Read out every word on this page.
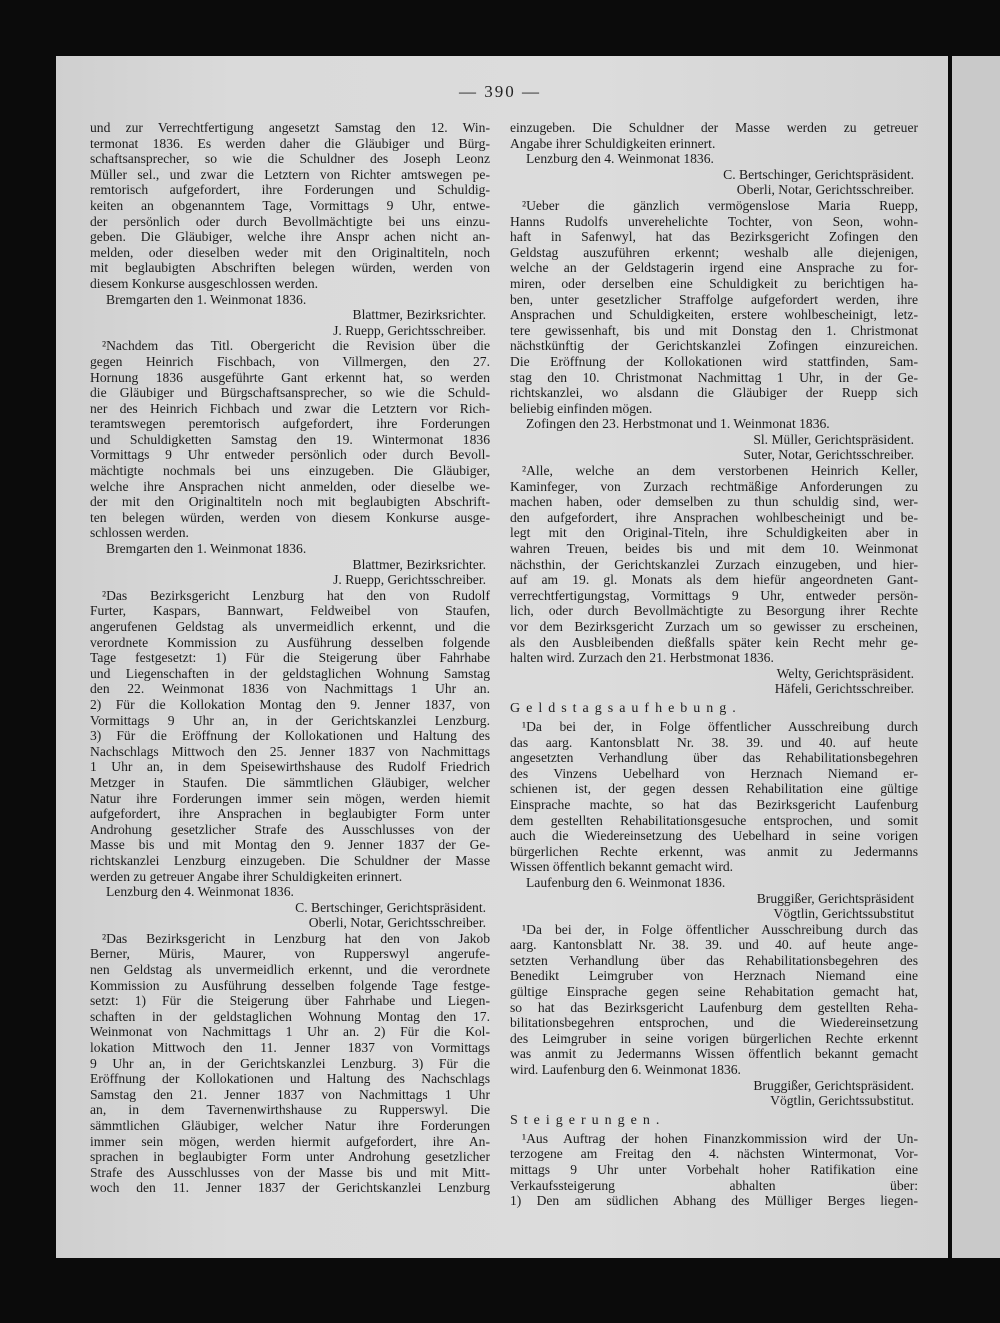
— 390 —
und zur Verrechtfertigung angesetzt Samstag den 12. Win-
termonat 1836. Es werden daher die Gläubiger und Bürg-
schaftsansprecher, so wie die Schuldner des Joseph Leonz
Müller sel., und zwar die Letztern von Richter amtswegen pe-
remtorisch aufgefordert, ihre Forderungen und Schuldig-
keiten an obgenanntem Tage, Vormittags 9 Uhr, entwe-
der persönlich oder durch Bevollmächtigte bei uns einzu-
geben. Die Gläubiger, welche ihre Anspr achen nicht an-
melden, oder dieselben weder mit den Originaltiteln, noch
mit beglaubigten Abschriften belegen würden, werden von
diesem Konkurse ausgeschlossen werden.
Bremgarten den 1. Weinmonat 1836.
Blattmer, Bezirksrichter.
J. Ruepp, Gerichtsschreiber.
²Nachdem das Titl. Obergericht die Revision über die
gegen Heinrich Fischbach, von Villmergen, den 27.
Hornung 1836 ausgeführte Gant erkennt hat, so werden
die Gläubiger und Bürgschaftsansprecher, so wie die Schuld-
ner des Heinrich Fichbach und zwar die Letztern vor Rich-
teramtswegen peremtorisch aufgefordert, ihre Forderungen
und Schuldigketten Samstag den 19. Wintermonat 1836
Vormittags 9 Uhr entweder persönlich oder durch Bevoll-
mächtigte nochmals bei uns einzugeben. Die Gläubiger,
welche ihre Ansprachen nicht anmelden, oder dieselbe we-
der mit den Originaltiteln noch mit beglaubigten Abschrift-
ten belegen würden, werden von diesem Konkurse ausge-
schlossen werden.
Bremgarten den 1. Weinmonat 1836.
Blattmer, Bezirksrichter.
J. Ruepp, Gerichtsschreiber.
²Das Bezirksgericht Lenzburg hat den von Rudolf
Furter, Kaspars, Bannwart, Feldweibel von Staufen,
angerufenen Geldstag als unvermeidlich erkennt, und die
verordnete Kommission zu Ausführung desselben folgende
Tage festgesetzt: 1) Für die Steigerung über Fahrhabe
und Liegenschaften in der geldstaglichen Wohnung Samstag
den 22. Weinmonat 1836 von Nachmittags 1 Uhr an.
2) Für die Kollokation Montag den 9. Jenner 1837, von
Vormittags 9 Uhr an, in der Gerichtskanzlei Lenzburg.
3) Für die Eröffnung der Kollokationen und Haltung des
Nachschlags Mittwoch den 25. Jenner 1837 von Nachmittags
1 Uhr an, in dem Speisewirthshause des Rudolf Friedrich
Metzger in Staufen. Die sämmtlichen Gläubiger, welcher
Natur ihre Forderungen immer sein mögen, werden hiemit
aufgefordert, ihre Ansprachen in beglaubigter Form unter
Androhung gesetzlicher Strafe des Ausschlusses von der
Masse bis und mit Montag den 9. Jenner 1837 der Ge-
richtskanzlei Lenzburg einzugeben. Die Schuldner der Masse
werden zu getreuer Angabe ihrer Schuldigkeiten erinnert.
Lenzburg den 4. Weinmonat 1836.
C. Bertschinger, Gerichtspräsident.
Oberli, Notar, Gerichtsschreiber.
²Das Bezirksgericht in Lenzburg hat den von Jakob
Berner, Müris, Maurer, von Rupperswyl angerufe-
nen Geldstag als unvermeidlich erkennt, und die verordnete
Kommission zu Ausführung desselben folgende Tage festge-
setzt: 1) Für die Steigerung über Fahrhabe und Liegen-
schaften in der geldstaglichen Wohnung Montag den 17.
Weinmonat von Nachmittags 1 Uhr an. 2) Für die Kol-
lokation Mittwoch den 11. Jenner 1837 von Vormittags
9 Uhr an, in der Gerichtskanzlei Lenzburg. 3) Für die
Eröffnung der Kollokationen und Haltung des Nachschlags
Samstag den 21. Jenner 1837 von Nachmittags 1 Uhr
an, in dem Tavernenwirthshause zu Rupperswyl. Die
sämmtlichen Gläubiger, welcher Natur ihre Forderungen
immer sein mögen, werden hiermit aufgefordert, ihre An-
sprachen in beglaubigter Form unter Androhung gesetzlicher
Strafe des Ausschlusses von der Masse bis und mit Mitt-
woch den 11. Jenner 1837 der Gerichtskanzlei Lenzburg
einzugeben. Die Schuldner der Masse werden zu getreuer
Angabe ihrer Schuldigkeiten erinnert.
Lenzburg den 4. Weinmonat 1836.
C. Bertschinger, Gerichtspräsident.
Oberli, Notar, Gerichtsschreiber.
²Ueber die gänzlich vermögenslose Maria Ruepp,
Hanns Rudolfs unverehelichte Tochter, von Seon, wohn-
haft in Safenwyl, hat das Bezirksgericht Zofingen den
Geldstag auszuführen erkennt; weshalb alle diejenigen,
welche an der Geldstagerin irgend eine Ansprache zu for-
miren, oder derselben eine Schuldigkeit zu berichtigen ha-
ben, unter gesetzlicher Straffolge aufgefordert werden, ihre
Ansprachen und Schuldigkeiten, erstere wohlbescheinigt, letz-
tere gewissenhaft, bis und mit Donstag den 1. Christmonat
nächstkünftig der Gerichtskanzlei Zofingen einzureichen.
Die Eröffnung der Kollokationen wird stattfinden, Sam-
stag den 10. Christmonat Nachmittag 1 Uhr, in der Ge-
richtskanzlei, wo alsdann die Gläubiger der Ruepp sich
beliebig einfinden mögen.
Zofingen den 23. Herbstmonat und 1. Weinmonat 1836.
Sl. Müller, Gerichtspräsident.
Suter, Notar, Gerichtsschreiber.
²Alle, welche an dem verstorbenen Heinrich Keller,
Kaminfeger, von Zurzach rechtmäßige Anforderungen zu
machen haben, oder demselben zu thun schuldig sind, wer-
den aufgefordert, ihre Ansprachen wohlbescheinigt und be-
legt mit den Original-Titeln, ihre Schuldigkeiten aber in
wahren Treuen, beides bis und mit dem 10. Weinmonat
nächsthin, der Gerichtskanzlei Zurzach einzugeben, und hier-
auf am 19. gl. Monats als dem hiefür angeordneten Gant-
verrechtfertigungstag, Vormittags 9 Uhr, entweder persön-
lich, oder durch Bevollmächtigte zu Besorgung ihrer Rechte
vor dem Bezirksgericht Zurzach um so gewisser zu erscheinen,
als den Ausbleibenden dießfalls später kein Recht mehr ge-
halten wird. Zurzach den 21. Herbstmonat 1836.
Welty, Gerichtspräsident.
Häfeli, Gerichtsschreiber.
Geldstagsaufhebung.
¹Da bei der, in Folge öffentlicher Ausschreibung durch
das aarg. Kantonsblatt Nr. 38. 39. und 40. auf heute
angesetzten Verhandlung über das Rehabilitationsbegehren
des Vinzens Uebelhard von Herznach Niemand er-
schienen ist, der gegen dessen Rehabilitation eine gültige
Einsprache machte, so hat das Bezirksgericht Laufenburg
dem gestellten Rehabilitationsgesuche entsprochen, und somit
auch die Wiedereinsetzung des Uebelhard in seine vorigen
bürgerlichen Rechte erkennt, was anmit zu Jedermanns
Wissen öffentlich bekannt gemacht wird.
Laufenburg den 6. Weinmonat 1836.
Bruggißer, Gerichtspräsident
Vögtlin, Gerichtssubstitut
¹Da bei der, in Folge öffentlicher Ausschreibung durch das
aarg. Kantonsblatt Nr. 38. 39. und 40. auf heute ange-
setzten Verhandlung über das Rehabilitationsbegehren des
Benedikt Leimgruber von Herznach Niemand eine
gültige Einsprache gegen seine Rehabitation gemacht hat,
so hat das Bezirksgericht Laufenburg dem gestellten Reha-
bilitationsbegehren entsprochen, und die Wiedereinsetzung
des Leimgruber in seine vorigen bürgerlichen Rechte erkennt
was anmit zu Jedermanns Wissen öffentlich bekannt gemacht
wird. Laufenburg den 6. Weinmonat 1836.
Bruggißer, Gerichtspräsident.
Vögtlin, Gerichtssubstitut.
Steigerungen.
¹Aus Auftrag der hohen Finanzkommission wird der Un-
terzogene am Freitag den 4. nächsten Wintermonat, Vor-
mittags 9 Uhr unter Vorbehalt hoher Ratifikation eine
Verkaufssteigerung abhalten über:
1) Den am südlichen Abhang des Mülliger Berges liegen-
